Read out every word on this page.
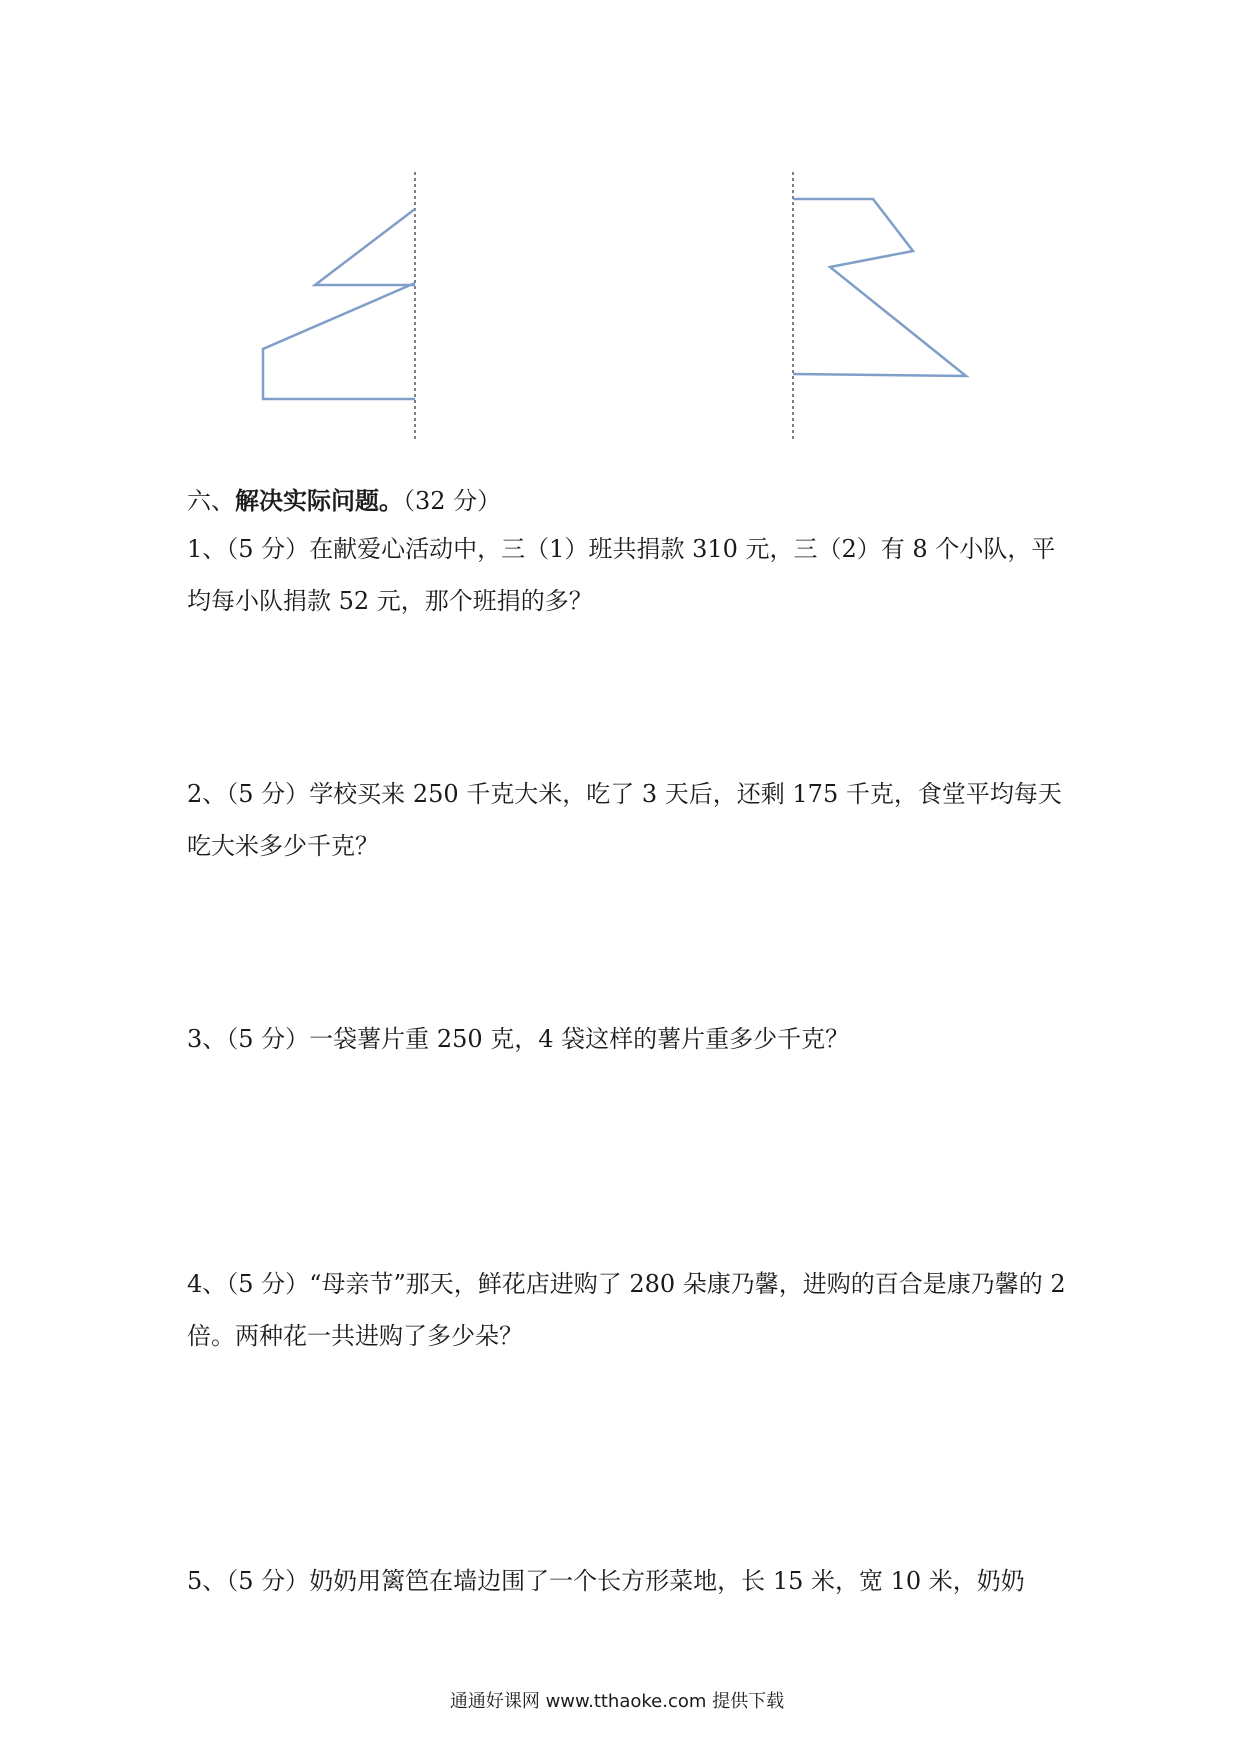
六、解决实际问题。（32 分）
1、（5 分）在献爱心活动中，三（1）班共捐款 310 元，三（2）有 8 个小队，平均每小队捐款 52 元，那个班捐的多？
2、（5 分）学校买来 250 千克大米，吃了 3 天后，还剩 175 千克，食堂平均每天吃大米多少千克？
3、（5 分）一袋薯片重 250 克，4 袋这样的薯片重多少千克？
4、（5 分）“母亲节”那天，鲜花店进购了 280 朵康乃馨，进购的百合是康乃馨的 2 倍。两种花一共进购了多少朵？
5、（5 分）奶奶用篱笆在墙边围了一个长方形菜地，长 15 米，宽 10 米，奶奶
通通好课网 www.tthaoke.com 提供下载
